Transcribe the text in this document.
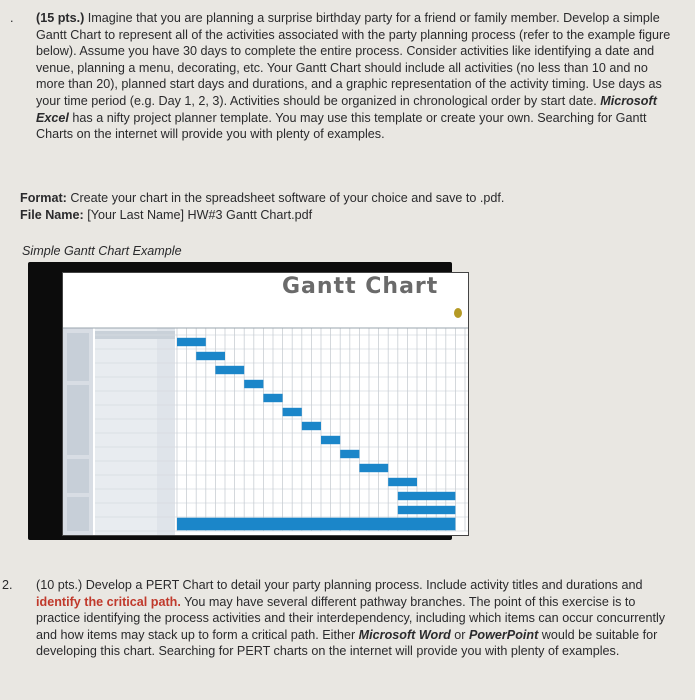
. (15 pts.) Imagine that you are planning a surprise birthday party for a friend or family member. Develop a simple Gantt Chart to represent all of the activities associated with the party planning process (refer to the example figure below). Assume you have 30 days to complete the entire process. Consider activities like identifying a date and venue, planning a menu, decorating, etc. Your Gantt Chart should include all activities (no less than 10 and no more than 20), planned start days and durations, and a graphic representation of the activity timing. Use days as your time period (e.g. Day 1, 2, 3). Activities should be organized in chronological order by start date. Microsoft Excel has a nifty project planner template. You may use this template or create your own. Searching for Gantt Charts on the internet will provide you with plenty of examples.

Format: Create your chart in the spreadsheet software of your choice and save to .pdf.

File Name: [Your Last Name] HW#3 Gantt Chart.pdf

Simple Gantt Chart Example
Gantt Chart
2. (10 pts.) Develop a PERT Chart to detail your party planning process. Include activity titles and durations and identify the critical path. You may have several different pathway branches. The point of this exercise is to practice identifying the process activities and their interdependency, including which items can occur concurrently and how items may stack up to form a critical path. Either Microsoft Word or PowerPoint would be suitable for developing this chart. Searching for PERT charts on the internet will provide you with plenty of examples.
